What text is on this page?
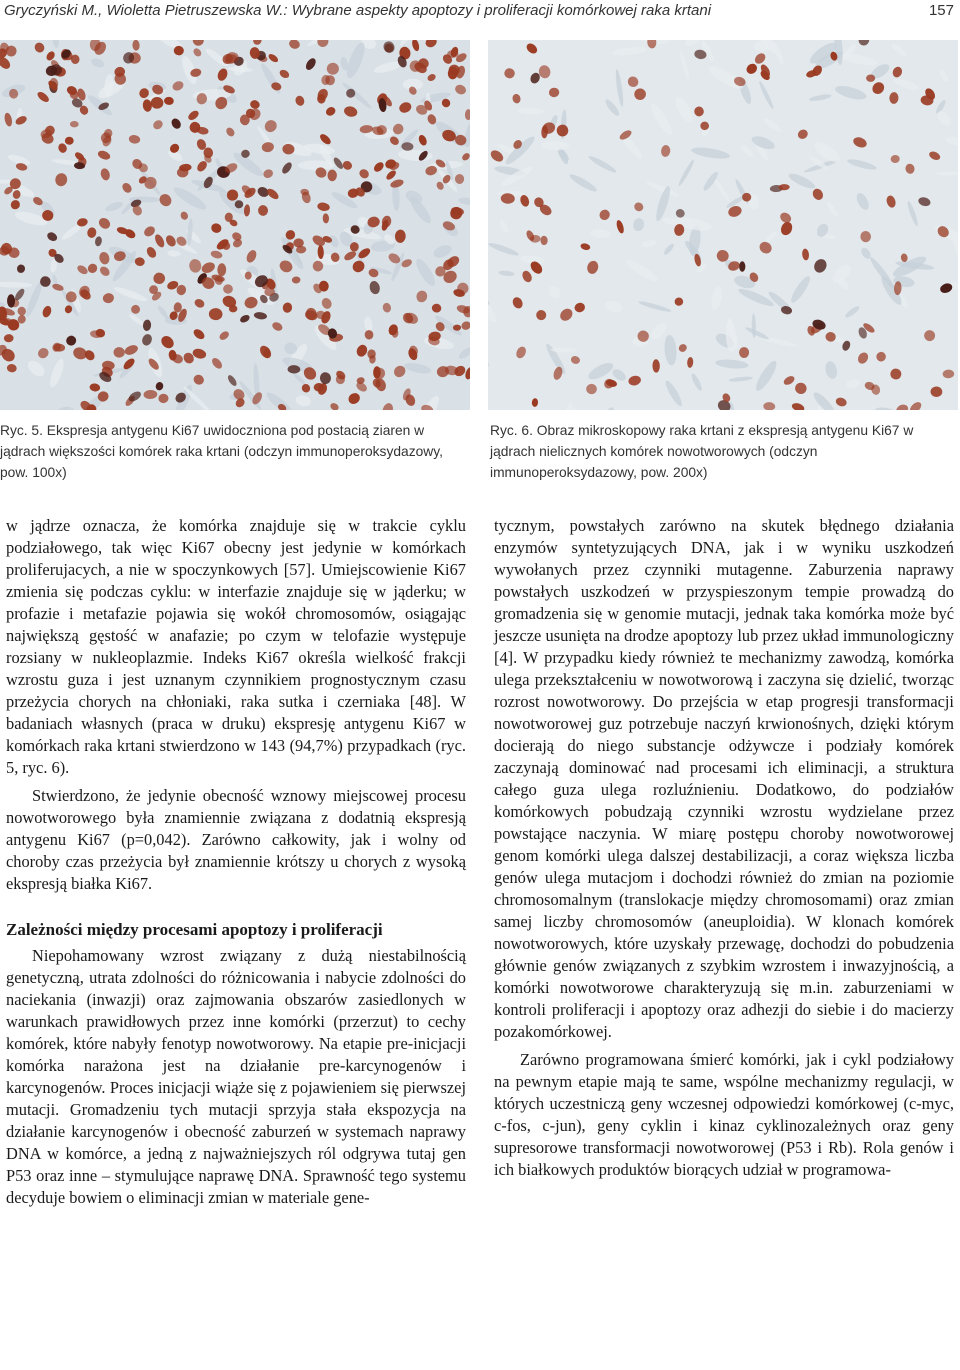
Gryczyński M., Wioletta Pietruszewska W.: Wybrane aspekty apoptozy i proliferacji komórkowej raka krtani	157
Ryc. 5. Ekspresja antygenu Ki67 uwidoczniona pod postacią ziaren w jądrach większości komórek raka krtani (odczyn immunoperoksydazowy, pow. 100x)
Ryc. 6. Obraz mikroskopowy raka krtani z ekspresją antygenu Ki67 w jądrach nielicznych komórek nowotworowych (odczyn immunoperoksydazowy, pow. 200x)

w jądrze oznacza, że komórka znajduje się w trakcie cyklu podziałowego, tak więc Ki67 obecny jest jedynie w komórkach proliferujacych, a nie w spoczynkowych [57]. Umiejscowienie Ki67 zmienia się podczas cyklu: w interfazie znajduje się w jąderku; w profazie i metafazie pojawia się wokół chromosomów, osiągając największą gęstość w anafazie; po czym w telofazie występuje rozsiany w nukleoplazmie. Indeks Ki67 określa wielkość frakcji wzrostu guza i jest uznanym czynnikiem prognostycznym czasu przeżycia chorych na chłoniaki, raka sutka i czerniaka [48]. W badaniach własnych (praca w druku) ekspresję antygenu Ki67 w komórkach raka krtani stwierdzono w 143 (94,7%) przypadkach (ryc. 5, ryc. 6).

Stwierdzono, że jedynie obecność wznowy miejscowej procesu nowotworowego była znamiennie związana z dodatnią ekspresją antygenu Ki67 (p=0,042). Zarówno całkowity, jak i wolny od choroby czas przeżycia był znamiennie krótszy u chorych z wysoką ekspresją białka Ki67.

Zależności między procesami apoptozy i proliferacji

Niepohamowany wzrost związany z dużą niestabilnością genetyczną, utrata zdolności do różnicowania i nabycie zdolności do naciekania (inwazji) oraz zajmowania obszarów zasiedlonych w warunkach prawidłowych przez inne komórki (przerzut) to cechy komórek, które nabyły fenotyp nowotworowy. Na etapie pre-inicjacji komórka narażona jest na działanie pre-karcynogenów i karcynogenów. Proces inicjacji wiąże się z pojawieniem się pierwszej mutacji. Gromadzeniu tych mutacji sprzyja stała ekspozycja na działanie karcynogenów i obecność zaburzeń w systemach naprawy DNA w komórce, a jedną z najważniejszych ról odgrywa tutaj gen P53 oraz inne – stymulujące naprawę DNA. Sprawność tego systemu decyduje bowiem o eliminacji zmian w materiale gene-

tycznym, powstałych zarówno na skutek błędnego działania enzymów syntetyzujących DNA, jak i w wyniku uszkodzeń wywołanych przez czynniki mutagenne. Zaburzenia naprawy powstałych uszkodzeń w przyspieszonym tempie prowadzą do gromadzenia się w genomie mutacji, jednak taka komórka może być jeszcze usunięta na drodze apoptozy lub przez układ immunologiczny [4]. W przypadku kiedy również te mechanizmy zawodzą, komórka ulega przekształceniu w nowotworową i zaczyna się dzielić, tworząc rozrost nowotworowy. Do przejścia w etap progresji transformacji nowotworowej guz potrzebuje naczyń krwionośnych, dzięki którym docierają do niego substancje odżywcze i podziały komórek zaczynają dominować nad procesami ich eliminacji, a struktura całego guza ulega rozluźnieniu. Dodatkowo, do podziałów komórkowych pobudzają czynniki wzrostu wydzielane przez powstające naczynia. W miarę postępu choroby nowotworowej genom komórki ulega dalszej destabilizacji, a coraz większa liczba genów ulega mutacjom i dochodzi również do zmian na poziomie chromosomalnym (translokacje między chromosomami) oraz zmian samej liczby chromosomów (aneuploidia). W klonach komórek nowotworowych, które uzyskały przewagę, dochodzi do pobudzenia głównie genów związanych z szybkim wzrostem i inwazyjnością, a komórki nowotworowe charakteryzują się m.in. zaburzeniami w kontroli proliferacji i apoptozy oraz adhezji do siebie i do macierzy pozakomórkowej.

Zarówno programowana śmierć komórki, jak i cykl podziałowy na pewnym etapie mają te same, wspólne mechanizmy regulacji, w których uczestniczą geny wczesnej odpowiedzi komórkowej (c-myc, c-fos, c-jun), geny cyklin i kinaz cyklinozależnych oraz geny supresorowe transformacji nowotworowej (P53 i Rb). Rola genów i ich białkowych produktów biorących udział w programowa-
